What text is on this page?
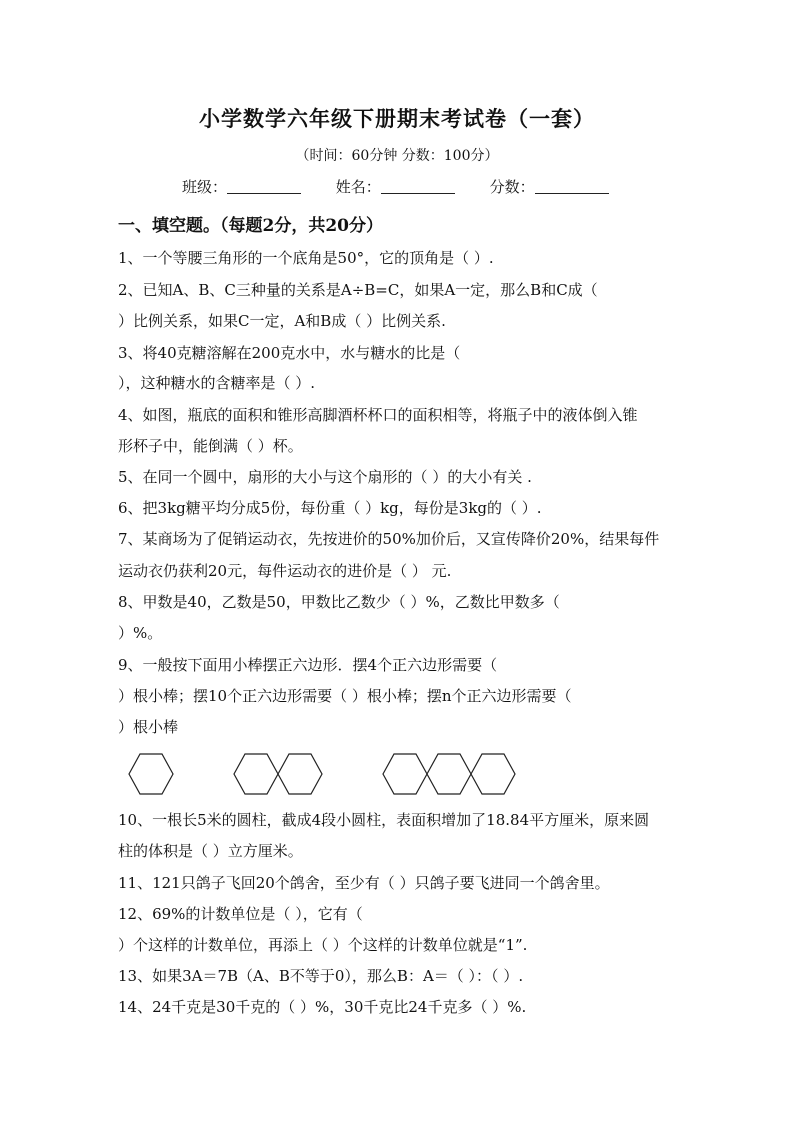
小学数学六年级下册期末考试卷（一套）
（时间：60分钟 分数：100分）
班级：	姓名：	分数：
一、填空题。（每题2分，共20分）
1、一个等腰三角形的一个底角是50°，它的顶角是（ ）.
2、已知A、B、C三种量的关系是A÷B=C，如果A一定，那么B和C成（
）比例关系，如果C一定，A和B成（ ）比例关系.
3、将40克糖溶解在200克水中，水与糖水的比是（
），这种糖水的含糖率是（ ）.
4、如图，瓶底的面积和锥形高脚酒杯杯口的面积相等，将瓶子中的液体倒入锥
形杯子中，能倒满（ ）杯。
5、在同一个圆中，扇形的大小与这个扇形的（ ）的大小有关 .
6、把3kg糖平均分成5份，每份重（ ）kg，每份是3kg的（ ）.
7、某商场为了促销运动衣，先按进价的50%加价后，又宣传降价20%，结果每件
运动衣仍获利20元，每件运动衣的进价是（ ） 元.
8、甲数是40，乙数是50，甲数比乙数少（ ）%，乙数比甲数多（
）%。
9、一般按下面用小棒摆正六边形．摆4个正六边形需要（
）根小棒；摆10个正六边形需要（ ）根小棒；摆n个正六边形需要（
）根小棒
10、一根长5米的圆柱，截成4段小圆柱，表面积增加了18.84平方厘米，原来圆
柱的体积是（ ）立方厘米。
11、121只鸽子飞回20个鸽舍，至少有（ ）只鸽子要飞进同一个鸽舍里。
12、69%的计数单位是（ ），它有（
）个这样的计数单位，再添上（ ）个这样的计数单位就是“1”.
13、如果3A＝7B（A、B不等于0），那么B：A＝（ ）：（ ）.
14、24千克是30千克的（ ）%，30千克比24千克多（ ）%.
